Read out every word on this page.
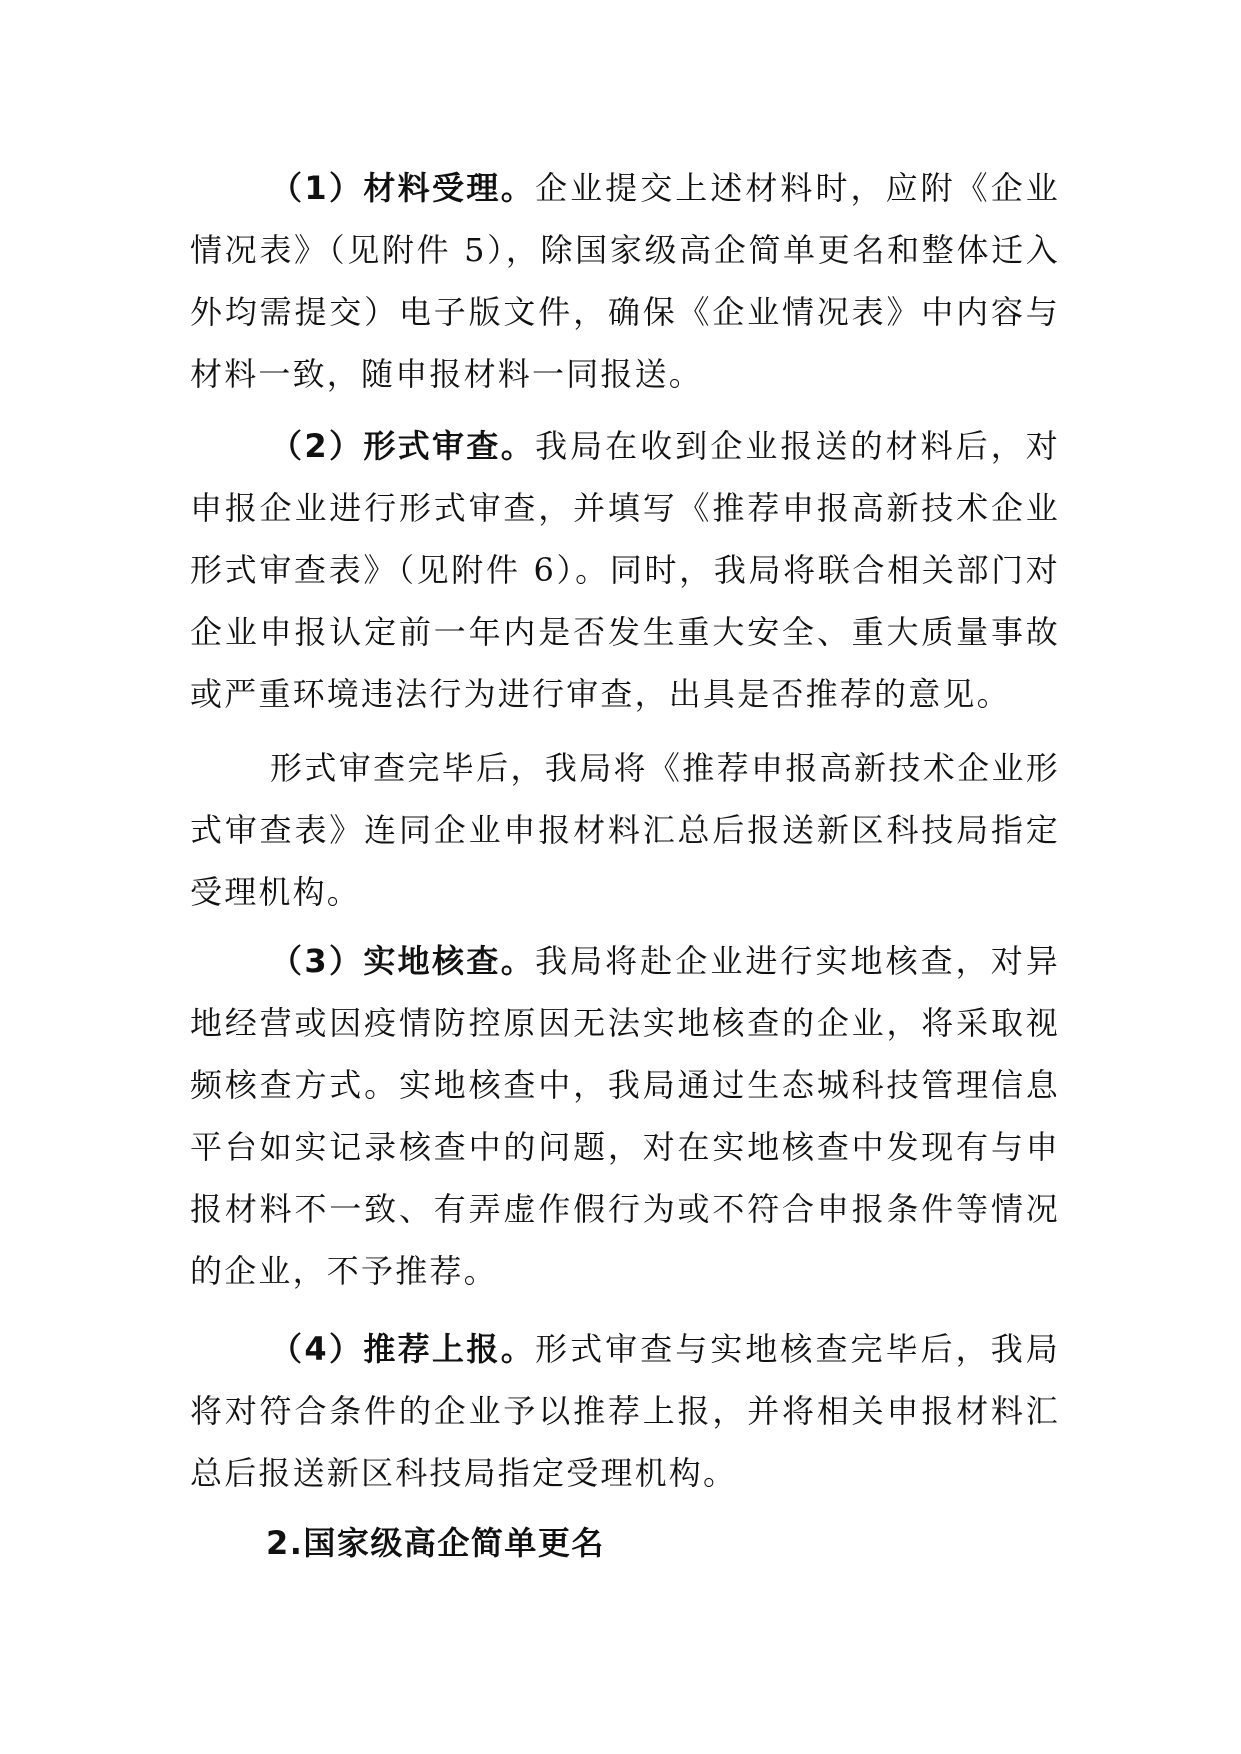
（1）材料受理。企业提交上述材料时，应附《企业情况表》（见附件 5），除国家级高企简单更名和整体迁入外均需提交）电子版文件，确保《企业情况表》中内容与材料一致，随申报材料一同报送。

（2）形式审查。我局在收到企业报送的材料后，对申报企业进行形式审查，并填写《推荐申报高新技术企业形式审查表》（见附件 6）。同时，我局将联合相关部门对企业申报认定前一年内是否发生重大安全、重大质量事故或严重环境违法行为进行审查，出具是否推荐的意见。

形式审查完毕后，我局将《推荐申报高新技术企业形式审查表》连同企业申报材料汇总后报送新区科技局指定受理机构。

（3）实地核查。我局将赴企业进行实地核查，对异地经营或因疫情防控原因无法实地核查的企业，将采取视频核查方式。实地核查中，我局通过生态城科技管理信息平台如实记录核查中的问题，对在实地核查中发现有与申报材料不一致、有弄虚作假行为或不符合申报条件等情况的企业，不予推荐。

（4）推荐上报。形式审查与实地核查完毕后，我局将对符合条件的企业予以推荐上报，并将相关申报材料汇总后报送新区科技局指定受理机构。

2.国家级高企简单更名
